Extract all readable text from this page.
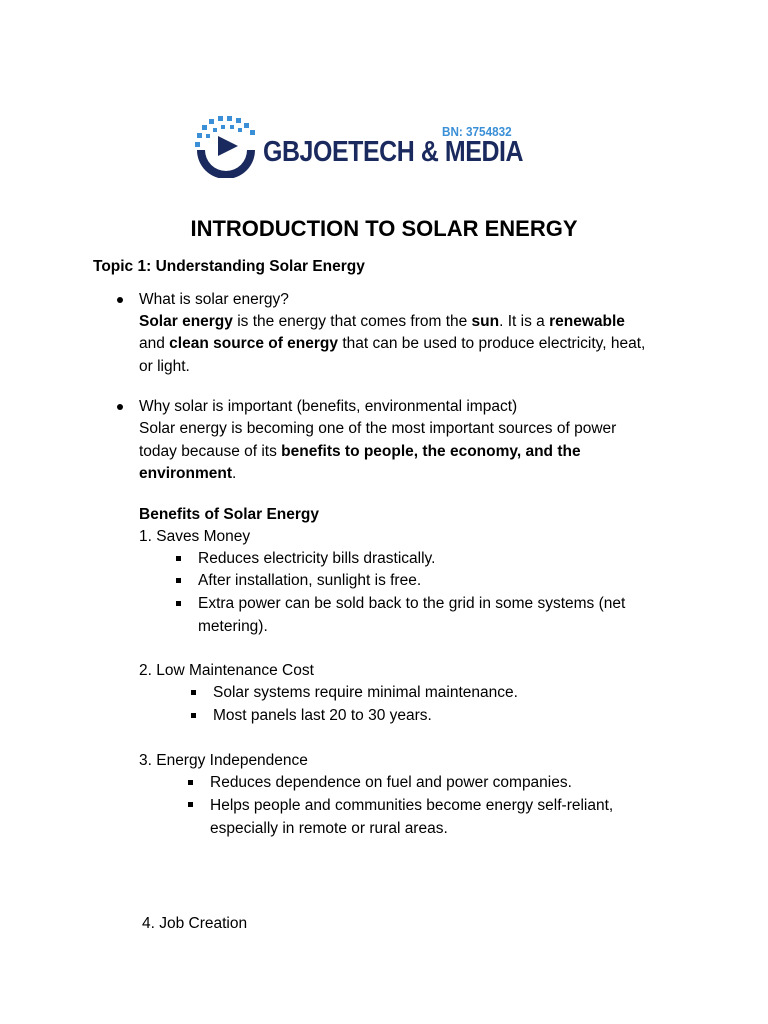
GBJOETECH & MEDIA
BN: 3754832
INTRODUCTION TO SOLAR ENERGY
Topic 1: Understanding Solar Energy
What is solar energy?
Solar energy is the energy that comes from the sun. It is a renewable
and clean source of energy that can be used to produce electricity, heat,
or light.
Why solar is important (benefits, environmental impact)
Solar energy is becoming one of the most important sources of power
today because of its benefits to people, the economy, and the
environment.
Benefits of Solar Energy
1. Saves Money
Reduces electricity bills drastically.
After installation, sunlight is free.
Extra power can be sold back to the grid in some systems (net
metering).
2. Low Maintenance Cost
Solar systems require minimal maintenance.
Most panels last 20 to 30 years.
3. Energy Independence
Reduces dependence on fuel and power companies.
Helps people and communities become energy self-reliant,
especially in remote or rural areas.
4. Job Creation
